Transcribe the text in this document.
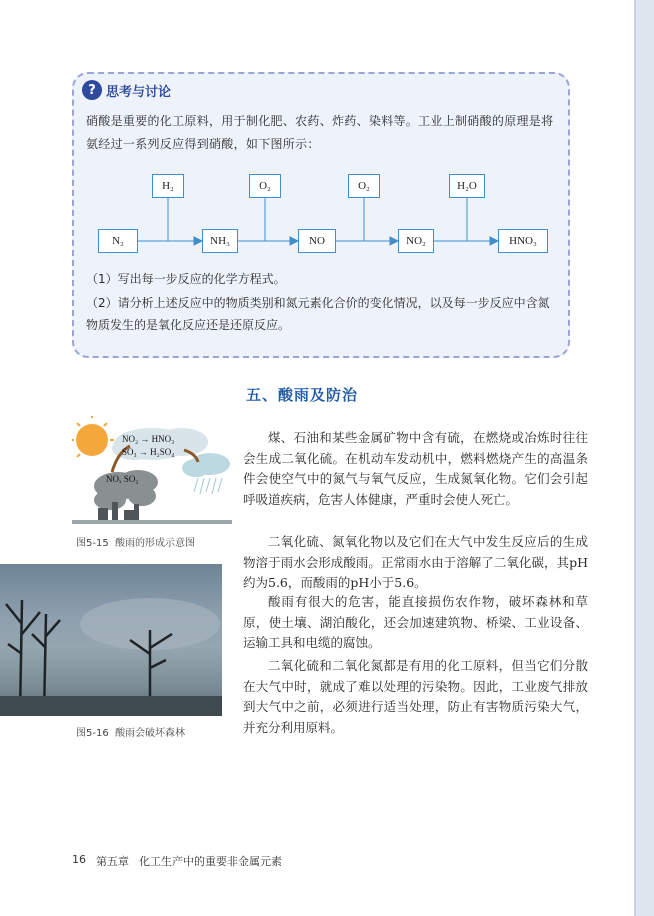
? 思考与讨论
硝酸是重要的化工原料，用于制化肥、农药、炸药、染料等。工业上制硝酸的原理是将氨经过一系列反应得到硝酸，如下图所示：
H₂	O₂	O₂	H₂O
N₂	NH₃	NO	NO₂	HNO₃
（1）写出每一步反应的化学方程式。
（2）请分析上述反应中的物质类别和氮元素化合价的变化情况，以及每一步反应中含氮物质发生的是氧化反应还是还原反应。
五、酸雨及防治
NO₂ → HNO₃
SO₃ → H₂SO₄
NOₓ SO₂
图5-15 酸雨的形成示意图
图5-16 酸雨会破坏森林

煤、石油和某些金属矿物中含有硫，在燃烧或冶炼时往往会生成二氧化硫。在机动车发动机中，燃料燃烧产生的高温条件会使空气中的氮气与氧气反应，生成氮氧化物。它们会引起呼吸道疾病，危害人体健康，严重时会使人死亡。

二氧化硫、氮氧化物以及它们在大气中发生反应后的生成物溶于雨水会形成酸雨。正常雨水由于溶解了二氧化碳，其pH约为5.6，而酸雨的pH小于5.6。

酸雨有很大的危害，能直接损伤农作物，破坏森林和草原，使土壤、湖泊酸化，还会加速建筑物、桥梁、工业设备、运输工具和电缆的腐蚀。

二氧化硫和二氧化氮都是有用的化工原料，但当它们分散在大气中时，就成了难以处理的污染物。因此，工业废气排放到大气中之前，必须进行适当处理，防止有害物质污染大气，并充分利用原料。

16 第五章 化工生产中的重要非金属元素
